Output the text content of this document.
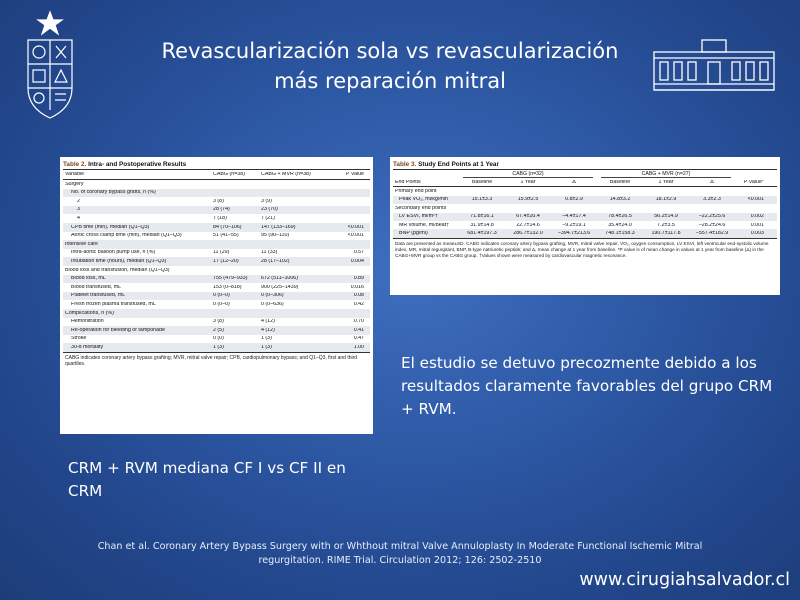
Revascularización sola vs revascularización
más reparación mitral
Table 2. Intra- and Postoperative Results
Variable	CABG (n=38)	CABG + MVR (n=38)	P Value
Surgery
No. of coronary bypass grafts, n (%)
2	3 (8)	3 (9)
3	28 (74)	23 (70)
4	7 (18)	7 (21)
CPB time (min), median (Q1–Q3)	84 (70–106)	147 (133–169)	<0.001
Aortic cross clamp time (min), median (Q1–Q3)	51 (41–55)	95 (90–110)	<0.001
Intensive care
Intra-aortic balloon pump use, n (%)	11 (29)	11 (33)	0.57
Intubation time (hours), median (Q1–Q3)	17 (12–20)	28 (17–102)	0.004
Blood loss and transfusion, median (Q1–Q3)
Blood loss, mL	755 (479–933)	672 (511–1006)	0.89
Blood transfused, mL	153 (0–818)	900 (225–1439)	0.016
Platelet transfused, mL	0 (0–0)	0 (0–306)	0.08
Fresh frozen plasma transfused, mL	0 (0–0)	0 (0–636)	0.42
Complications, n (%)
Hemofiltration	3 (8)	4 (12)	0.70
Re-operation for bleeding or tamponade	2 (5)	4 (12)	0.41
Stroke	0 (0)	1 (3)	0.47
30-d mortality	1 (3)	1 (3)	1.00
CABG indicates coronary artery bypass grafting; MVR, mitral valve repair; CPB, cardiopulmonary bypass; and Q1–Q3, first and third quartiles.
Table 3. Study End Points at 1 Year
CABG (n=32)	CABG + MVR (n=27)
End Points	Baseline	1 Year	Δ	Baseline	1 Year	Δ	P Value*
Primary end point
Peak VO₂, ml/kg/min	15.1±3.3	15.9±2.5	0.8±2.9	14.8±3.2	18.1±2.9	3.3±2.3	<0.001
Secondary end points
LV ESVI, ml/m²†	71.8±16.1	67.4±20.4	−4.4±17.4	78.4±26.5	56.2±14.9	−22.2±25.6	0.002
MR volume, ml/beat†	31.9±14.8	22.7±14.6	−9.2±19.1	35.4±24.0	7.2±3.5	−28.2±24.6	0.001
BNP (pg/ml)	681.4±197.3	286.7±132.0	−394.7±213.6	748.1±158.3	190.7±117.8	−557.4±182.9	0.003
Data are presented as mean±SD. CABG indicates coronary artery bypass grafting, MVR, mitral valve repair, VO₂, oxygen consumption, LV ESVI, left ventricular end-systolic volume index, MR, mitral regurgitant, BNP, B-type natriuretic peptide; and Δ, mean change at 1 year from baseline. *P value is of mean change in values at 1 year from baseline (Δ) in the CABG+MVR group vs the CABG group. †Values shown were measured by cardiovascular magnetic resonance.
El estudio se detuvo precozmente debido a los resultados claramente favorables del grupo CRM + RVM.
CRM + RVM mediana CF I vs CF II en CRM
Chan et al. Coronary Artery Bypass Surgery with or Whthout mitral Valve Annuloplasty In Moderate Functional Ischemic Mitral
regurgitation. RIME Trial. Circulation 2012; 126: 2502-2510
www.cirugiahsalvador.cl
